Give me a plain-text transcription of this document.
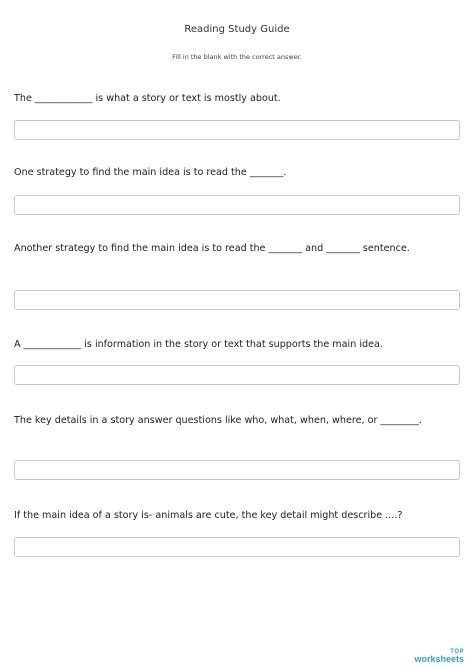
Reading Study Guide
Fill in the blank with the correct answer.
The ____________ is what a story or text is mostly about.
One strategy to find the main idea is to read the _______.
Another strategy to find the main idea is to read the _______ and _______ sentence.
A ____________ is information in the story or text that supports the main idea.
The key details in a story answer questions like who, what, when, where, or ________.
If the main idea of a story is- animals are cute, the key detail might describe ....?
TOP
worksheets
